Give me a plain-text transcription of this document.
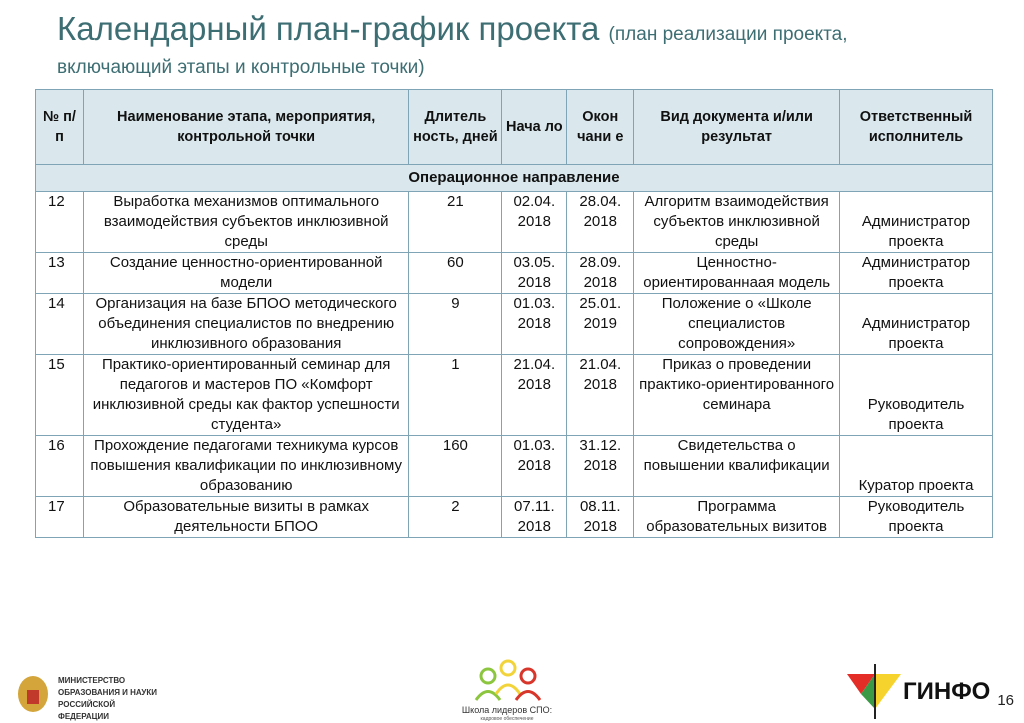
Календарный план-график проекта (план реализации проекта,
включающий этапы и контрольные точки)
№ п/п	Наименование этапа, мероприятия, контрольной точки	Длитель ность, дней	Нача ло	Окон чани е	Вид документа и/или результат	Ответственный исполнитель
Операционное направление						
12	Выработка механизмов оптимального взаимодействия субъектов инклюзивной среды	21	02.04. 2018	28.04. 2018	Алгоритм взаимодействия субъектов инклюзивной среды	Администратор проекта
13	Создание ценностно-ориентированной модели	60	03.05. 2018	28.09. 2018	Ценностно-ориентированнаая модель	Администратор проекта
14	Организация на базе БПОО методического объединения специалистов по внедрению инклюзивного образования	9	01.03. 2018	25.01. 2019	Положение о «Школе специалистов сопровождения»	Администратор проекта
15	Практико-ориентированный семинар для педагогов и мастеров ПО «Комфорт инклюзивной среды как фактор успешности студента»	1	21.04. 2018	21.04. 2018	Приказ о проведении практико-ориентированного семинара	Руководитель проекта
16	Прохождение педагогами техникума курсов повышения квалификации по инклюзивному образованию	160	01.03. 2018	31.12. 2018	Свидетельства о повышении квалификации	Куратор проекта
17	Образовательные визиты в рамках деятельности БПОО	2	07.11. 2018	08.11. 2018	Программа образовательных визитов	Руководитель проекта
МИНИСТЕРСТВО ОБРАЗОВАНИЯ И НАУКИ РОССИЙСКОЙ ФЕДЕРАЦИИ
Школа лидеров СПО:
кадровое обеспечение
ГИНФО 16
